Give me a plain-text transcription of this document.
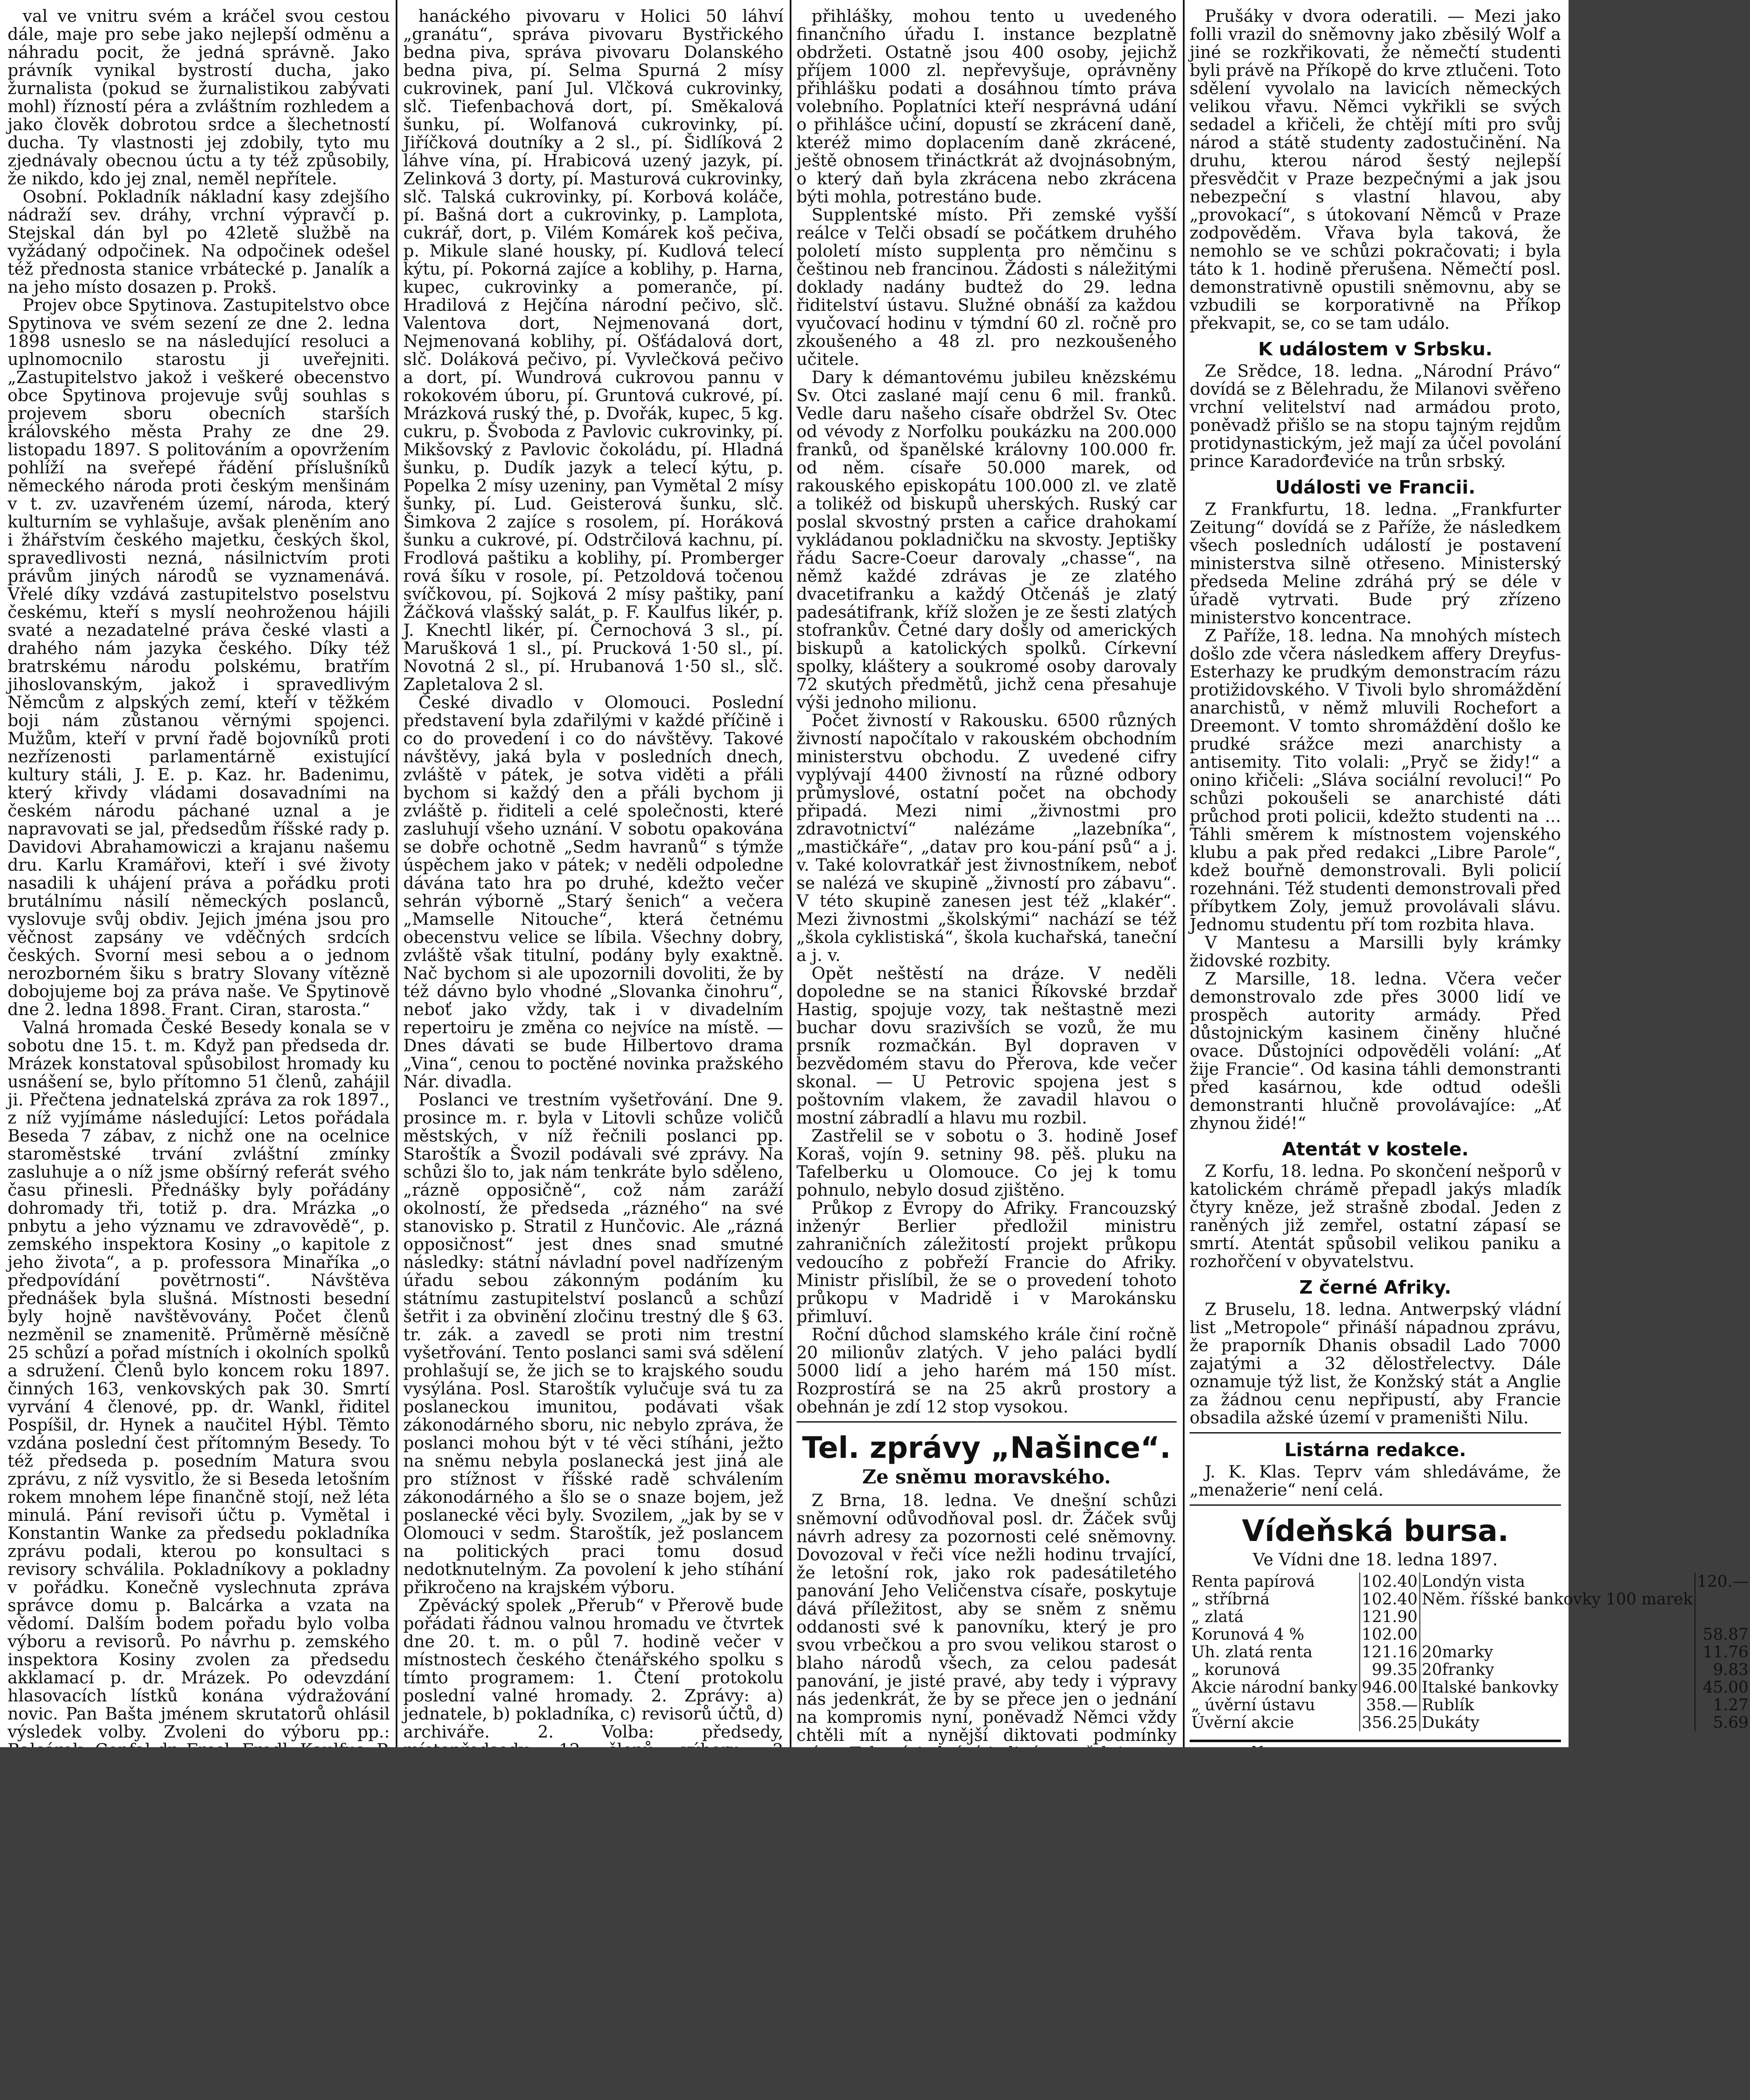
val ve vnitru svém a kráčel svou cestou dále, maje pro sebe jako nejlepší odměnu a náhradu pocit, že jedná správně. Jako právník vynikal bystrostí ducha, jako žurnalista (pokud se žurnalistikou zabývati mohl) řízností péra a zvláštním rozhledem a jako člověk dobrotou srdce a šlechetností ducha. Ty vlastnosti jej zdobily, tyto mu zjednávaly obecnou úctu a ty též způsobily, že nikdo, kdo jej znal, neměl nepřítele.

Osobní. Pokladník nákladní kasy zdejšího nádraží sev. dráhy, vrchní výpravčí p. Stejskal dán byl po 42letě službě na vyžádaný odpočinek. Na odpočinek odešel též přednosta stanice vrbátecké p. Janalík a na jeho místo dosazen p. Prokš.

Projev obce Spytinova. Zastupitelstvo obce Spytinova ve svém sezení ze dne 2. ledna 1898 usneslo se na následující resoluci a uplnomocnilo starostu ji uveřejniti. „Zastupitelstvo jakož i veškeré obecenstvo obce Spytinova projevuje svůj souhlas s projevem sboru obecních starších královského města Prahy ze dne 29. listopadu 1897. S politováním a opovržením pohlíží na sveřepé řádění příslušníků německého národa proti českým menšinám v t. zv. uzavřeném území, národa, který kulturním se vyhlašuje, avšak pleněním ano i žhářstvím českého majetku, českých škol, spravedlivosti nezná, násilnictvím proti právům jiných národů se vyznamenává. Vřelé díky vzdává zastupitelstvo poselstvu českému, kteří s myslí neohroženou hájili svaté a nezadatelné práva české vlasti a drahého nám jazyka českého. Díky též bratrskému národu polskému, bratřím jihoslovanským, jakož i spravedlivým Němcům z alpských zemí, kteří v těžkém boji nám zůstanou věrnými spojenci. Mužům, kteří v první řadě bojovníků proti nezřízenosti parlamentárně existující kultury stáli, J. E. p. Kaz. hr. Badenimu, který křivdy vládami dosavadními na českém národu páchané uznal a je napravovati se jal, předsedům říšské rady p. Davidovi Abrahamowiczi a krajanu našemu dru. Karlu Kramářovi, kteří i své životy nasadili k uhájení práva a pořádku proti brutálnímu násilí německých poslanců, vyslovuje svůj obdiv. Jejich jména jsou pro věčnost zapsány ve vděčných srdcích českých. Svorní mesi sebou a o jednom nerozborném šiku s bratry Slovany vítězně dobojujeme boj za práva naše. Ve Spytinově dne 2. ledna 1898. Frant. Ciran, starosta.“

Valná hromada České Besedy konala se v sobotu dne 15. t. m. Když pan předseda dr. Mrázek konstatoval spůsobilost hromady ku usnášení se, bylo přítomno 51 členů, zahájil ji. Přečtena jednatelská zpráva za rok 1897., z níž vyjímáme následující: Letos pořádala Beseda 7 zábav, z nichž one na ocelnice staroměstské trvání zvláštní zmínky zasluhuje a o níž jsme obšírný referát svého času přinesli. Přednášky byly pořádány dohromady tři, totiž p. dra. Mrázka „o pnbytu a jeho významu ve zdravovědě“, p. zemského inspektora Kosiny „o kapitole z jeho života“, a p. professora Minaříka „o předpovídání povětrnosti“. Návštěva přednášek byla slušná. Místnosti besední byly hojně navštěvovány. Počet členů nezměnil se znamenitě. Průměrně měsíčně 25 schůzí a pořad místních i okolních spolků a sdružení. Členů bylo koncem roku 1897. činných 163, venkovských pak 30. Smrtí vyrvání 4 členové, pp. dr. Wankl, řiditel Pospíšil, dr. Hynek a naučitel Hýbl. Těmto vzdána poslední čest přítomným Besedy. To též předseda p. posedním Matura svou zprávu, z níž vysvitlo, že si Beseda letošním rokem mnohem lépe finančně stojí, než léta minulá. Pání revisoři účtu p. Vymětal i Konstantin Wanke za předsedu pokladníka zprávu podali, kterou po konsultaci s revisory schválila. Pokladníkovy a pokladny v pořádku. Konečně vyslechnuta zpráva správce domu p. Balcárka a vzata na vědomí. Dalším bodem pořadu bylo volba výboru a revisorů. Po návrhu p. zemského inspektora Kosiny zvolen za předsedu akklamací p. dr. Mrázek. Po odevzdání hlasovacích lístků konána výdražování novic. Pan Bašta jménem skrutatorů ohlásil výsledek volby. Zvoleni do výboru pp.:

hanáckého pivovaru v Holici 50 láhví „granátu“, správa pivovaru Bystřického bedna piva, správa pivovaru Dolanského bedna piva, pí. Selma Spurná 2 mísy cukrovinek, paní Jul. Vlčková cukrovinky, slč. Tiefenbachová dort, pí. Směkalová šunku, pí. Wolfanová cukrovinky, pí. Jiříčková doutníky a 2 sl., pí. Šidlíková 2 láhve vína, pí. Hrabicová uzený jazyk, pí. Zelinková 3 dorty, pí. Masturová cukrovinky, slč. Talská cukrovinky, pí. Korbová koláče, pí. Bašná dort a cukrovinky, p. Lamplota, cukrář, dort, p. Vilém Komárek koš pečiva, p. Mikule slané housky, pí. Kudlová telecí kýtu, pí. Pokorná zajíce a koblihy, p. Harna, kupec, cukrovinky a pomeranče, pí. Hradilová z Hejčína národní pečivo, slč. Valentova dort, Nejmenovaná dort, Nejmenovaná koblihy, pí. Ošťádalová dort, slč. Doláková pečivo, pí. Vyvlečková pečivo a dort, pí. Wundrová cukrovou pannu v rokokovém úboru, pí. Gruntová cukrové, pí. Mrázková ruský thé, p. Dvořák, kupec, 5 kg. cukru, p. Švoboda z Pavlovic cukrovinky, pí. Mikšovský z Pavlovic čokoládu, pí. Hladná šunku, p. Dudík jazyk a telecí kýtu, p. Popelka 2 mísy uzeniny, pan Vymětal 2 mísy šunky, pí. Lud. Geisterová šunku, slč. Šimkova 2 zajíce s rosolem, pí. Horáková šunku a cukrové, pí. Odstrčilová kachnu, pí. Frodlová paštiku a koblihy, pí. Promberger rová šíku v rosole, pí. Petzoldová točenou svíčkovou, pí. Sojková 2 mísy paštiky, paní Žáčková vlašský salát, p. F. Kaulfus likér, p. J. Knechtl likér, pí. Černochová 3 sl., pí. Marušková 1 sl., pí. Prucková 1·50 sl., pí. Novotná 2 sl., pí. Hrubanová 1·50 sl., slč. Zapletalova 2 sl.

České divadlo v Olomouci. Poslední představení byla zdařilými v každé příčině i co do provedení i co do návštěvy. Takové návštěvy, jaká byla v posledních dnech, zvláště v pátek, je sotva viděti a přáli bychom si každý den a přáli bychom ji zvláště p. řiditeli a celé společnosti, které zasluhují všeho uznání. V sobotu opakována se dobře ochotně „Sedm havranů“ s týmže úspěchem jako v pátek; v neděli odpoledne dávána tato hra po druhé, kdežto večer sehrán výborně „Starý šenich“ a večera „Mamselle Nitouche“, která četnému obecenstvu velice se líbila. Všechny dobry, zvláště však titulní, podány byly exaktně. Nač bychom si ale upozornili dovoliti, že by též dávno bylo vhodné „Slovanka činohru“, neboť jako vždy, tak i v divadelním repertoiru je změna co nejvíce na místě. — Dnes dávati se bude Hilbertovo drama „Vina“, cenou to poctěné novinka pražského Nár. divadla.

Poslanci ve trestním vyšetřování. Dne 9. prosince m. r. byla v Litovli schůze voličů městských, v níž řečnili poslanci pp. Staroštík a Švozil podávali své zprávy. Na schůzi šlo to, jak nám tenkráte bylo sděleno, „rázně opposičně“, což nám zaráží okolností, že předseda „rázného“ na své stanovisko p. Stratil z Hunčovic. Ale „rázná opposičnost“ jest dnes snad smutné následky: státní návladní povel nadřízeným úřadu sebou zákonným podáním ku státnímu zastupitelství poslanců a schůzí šetřit i za obvinění zločinu trestný dle § 63. tr. zák. a zavedl se proti nim trestní vyšetřování. Tento poslanci sami svá sdělení prohlašují se, že jich se to krajského soudu vysýlána. Posl. Staroštík vylučuje svá tu za poslaneckou imunitou, podávati však zákonodárného sboru, nic nebylo zpráva, že poslanci mohou být v té věci stíháni, ježto na sněmu nebyla poslanecká jest jiná ale pro stížnost v říšské radě schválením zákonodárného a šlo se o snaze bojem, jež poslanecké věci byly. Svozilem, „jak by se v Olomouci v sedm. Staroštík, jež poslancem na politických praci tomu dosud nedotknutelným. Za povolení k jeho stíhání přikročeno na krajském výboru.

Zpěvácký spolek „Přerub“ v Přerově bude pořádati řádnou valnou hromadu ve čtvrtek dne 20. t. m. o půl 7. hodině večer v místnostech českého čtenářského spolku s tímto programem: 1. Čtení protokolu poslední valné hromady. 2. Zprávy: a) jednatele, b) pokladníka, c) revisorů účtů, d) archiváře. 2. Volba: předsedy,

přihlášky, mohou tento u uvedeného finančního úřadu I. instance bezplatně obdržeti. Ostatně jsou 400 osoby, jejichž příjem 1000 zl. nepřevyšuje, oprávněny přihlášku podati a dosáhnou tímto práva volebního. Poplatníci kteří nesprávná udání o přihlášce učiní, dopustí se zkrácení daně, kteréž mimo doplacením daně zkrácené, ještě obnosem třináctkrát až dvojnásobným, o který daň byla zkrácena nebo zkrácena býti mohla, potrestáno bude.

Supplentské místo. Při zemské vyšší reálce v Telči obsadí se počátkem druhého pololetí místo supplenta pro němčinu s češtinou neb francinou. Žádosti s náležitými doklady nadány budtež do 29. ledna řiditelství ústavu. Služné obnáší za každou vyučovací hodinu v týmdní 60 zl. ročně pro zkoušeného a 48 zl. pro nezkoušeného učitele.

Dary k démantovému jubileu knězskému Sv. Otci zaslané mají cenu 6 mil. franků. Vedle daru našeho císaře obdržel Sv. Otec od vévody z Norfolku poukázku na 200.000 franků, od španělské královny 100.000 fr. od něm. císaře 50.000 marek, od rakouského episkopátu 100.000 zl. ve zlatě a tolikéž od biskupů uherských. Ruský car poslal skvostný prsten a cařice drahokamí vykládanou pokladničku na skvosty. Jeptišky řádu Sacre-Coeur darovaly „chasse“, na němž každé zdrávas je ze zlatého dvacetifranku a každý Otčenáš je zlatý padesátifrank, kříž složen je ze šesti zlatých stofrankův. Četné dary došly od amerických biskupů a katolických spolků. Církevní spolky, kláštery a soukromé osoby darovaly 72 skutých předmětů, jichž cena přesahuje výši jednoho milionu.

Počet živností v Rakousku. 6500 různých živností napočítalo v rakouském obchodním ministerstvu obchodu. Z uvedené cifry vyplývají 4400 živností na různé odbory průmyslové, ostatní počet na obchody připadá. Mezi nimi „živnostmi pro zdravotnictví“ nalézáme „lazebníka“, „mastičkáře“, „datav pro kou-pání psů“ a j. v. Také kolovratkář jest živnostníkem, neboť se nalézá ve skupině „živností pro zábavu“. V této skupině zanesen jest též „klakér“. Mezi živnostmi „školskými“ nachází se též „škola cyklistiská“, škola kuchařská, taneční a j. v.

Opět neštěstí na dráze. V neděli dopoledne se na stanici Říkovské brzdař Hastig, spojuje vozy, tak neštastně mezi buchar dovu srazivších se vozů, že mu prsník rozmačkán. Byl dopraven v bezvědomém stavu do Přerova, kde večer skonal. — U Petrovic spojena jest s poštovním vlakem, že zavadil hlavou o mostní zábradlí a hlavu mu rozbil.

Zastřelil se v sobotu o 3. hodině Josef Koraš, vojín 9. setniny 98. pěš. pluku na Tafelberku u Olomouce. Co jej k tomu pohnulo, nebylo dosud zjištěno.

Průkop z Evropy do Afriky. Francouzský inženýr Berlier předložil ministru zahraničních záležitostí projekt průkopu vedoucího z pobřeží Francie do Afriky. Ministr přislíbil, že se o provedení tohoto průkopu v Madridě i v Marokánsku přimluví.

Roční důchod slamského krále činí ročně 20 milionův zlatých. V jeho paláci bydlí 5000 lidí a jeho harém má 150 míst. Rozprostírá se na 25 akrů prostory a obehnán je zdí 12 stop vysokou.

Tel. zprávy „Našince“.
Ze sněmu moravského.

Z Brna, 18. ledna. Ve dnešní schůzi sněmovní odůvodňoval posl. dr. Žáček svůj návrh adresy za pozornosti celé sněmovny. Dovozoval v řeči více nežli hodinu trvající, že letošní rok, jako rok padesátiletého panování Jeho Veličenstva císaře, poskytuje dává příležitost, aby se sněm z sněmu oddanosti své k panovníku, který je pro svou vrbečkou a pro svou velikou starost o blaho národů všech, za celou padesát panování, je jisté pravé, aby tedy i výpravy nás jedenkrát, že by se přece jen o jednání na kompromis nyní, poněvadž Němci vždy chtěli mít a nynější diktovati podmínky

Prušáky v dvora oderatili. — Mezi jako folli vrazil do sněmovny jako zběsilý Wolf a jiné se rozkřikovati, že němečtí studenti byli právě na Příkopě do krve ztlučeni. Toto sdělení vyvolalo na lavicích německých velikou vřavu. Němci vykřikli se svých sedadel a křičeli, že chtějí míti pro svůj národ a státě studenty zadostučinění. Na druhu, kterou národ šestý nejlepší přesvědčit v Praze bezpečnými a jak jsou nebezpeční s vlastní hlavou, aby „provokací“, s útokovaní Němců v Praze zodpověděm. Vřava byla taková, že nemohlo se ve schůzi pokračovati; i byla táto k 1. hodině přerušena. Němečtí posl. demonstrativně opustili sněmovnu, aby se vzbudili se korporativně na Příkop překvapit, se, co se tam událo.

K událostem v Srbsku.

Ze Srědce, 18. ledna. „Národní Právo“ dovídá se z Bělehradu, že Milanovi svěřeno vrchní velitelství nad armádou proto, poněvadž přišlo se na stopu tajným rejdům protidynastickým, jež mají za účel povolání prince Karadorđeviće na trůn srbský.

Události ve Francii.

Z Frankfurtu, 18. ledna. „Frankfurter Zeitung“ dovídá se z Paříže, že následkem všech posledních událostí je postavení ministerstva silně otřeseno. Ministerský předseda Meline zdráhá prý se déle v úřadě vytrvati. Bude prý zřízeno ministerstvo koncentrace.

Z Paříže, 18. ledna. Na mnohých místech došlo zde včera následkem affery Dreyfus-Esterhazy ke prudkým demonstracím rázu protižidovského. V Tivoli bylo shromáždění anarchistů, v němž mluvili Rochefort a Dreemont. V tomto shromáždění došlo ke prudké srážce mezi anarchisty a antisemity. Tito volali: „Pryč se židy!“ a onino křičeli: „Sláva sociální revoluci!“ Po schůzi pokoušeli se anarchisté dáti průchod proti policii, kdežto studenti na ... Táhli směrem k místnostem vojenského klubu a pak před redakci „Libre Parole“, kdež bouřně demonstrovali. Byli policií rozehnáni. Též studenti demonstrovali před příbytkem Zoly, jemuž provolávali slávu. Jednomu studentu pří tom rozbita hlava.

V Mantesu a Marsilli byly krámky židovské rozbity.

Z Marsille, 18. ledna. Včera večer demonstrovalo zde přes 3000 lidí ve prospěch autority armády. Před důstojnickým kasinem činěny hlučné ovace. Důstojníci odpověděli volání: „Ať žije Francie“. Od kasina táhli demonstranti před kasárnou, kde odtud odešli demonstranti hlučně provolávajíce: „Ať zhynou židé!“

Atentát v kostele.

Z Korfu, 18. ledna. Po skončení nešporů v katolickém chrámě přepadl jakýs mladík čtyry kněze, jež strašně zbodal. Jeden z raněných již zemřel, ostatní zápasí se smrtí. Atentát spůsobil velikou paniku a rozhořčení v obyvatelstvu.

Z černé Afriky.

Z Bruselu, 18. ledna. Antwerpský vládní list „Metropole“ přináší nápadnou zprávu, že praporník Dhanis obsadil Lado 7000 zajatými a 32 dělostřelectvy. Dále oznamuje týž list, že Konžský stát a Anglie za žádnou cenu nepřipustí, aby Francie obsadila ažské území v prameništi Nilu.

Listárna redakce.

J. K. Klas. Teprv vám shledáváme, že „menažerie“ není celá.

Vídeňská bursa.
Ve Vídni dne 18. ledna 1897.
Renta papírová	102.40	Londýn vista	120.—
„ stříbrná	102.40	Něm. říšské bankovky 100 marek	
„ zlatá	121.90		
Korunová 4 %	102.00		58.87
Uh. zlatá renta	121.16	20marky	11.76
„ korunová	99.35	20franky	9.83
Akcie národní banky	946.00	Italské bankovky	45.00
„ úvěrní ústavu	358.—	Rublík	1.27
Úvěrní akcie	356.25	Dukáty	5.69
